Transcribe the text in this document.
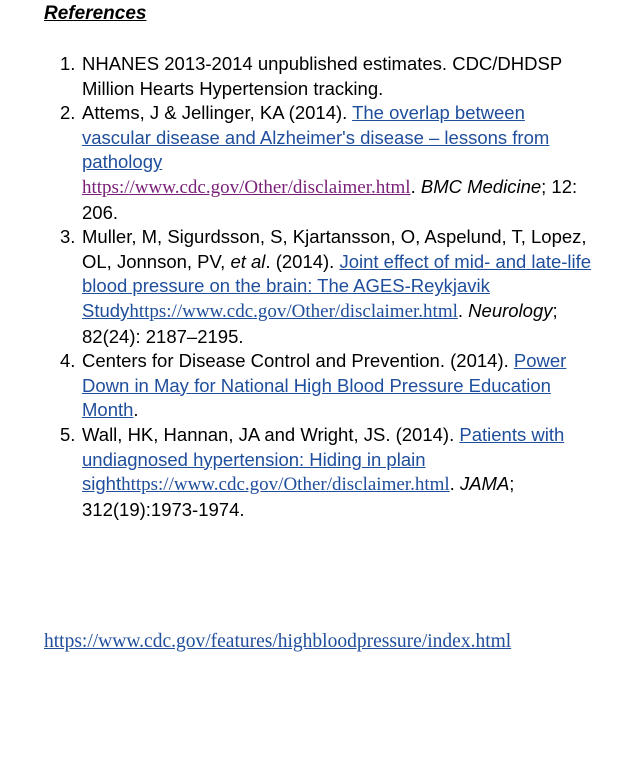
References
1. NHANES 2013-2014 unpublished estimates. CDC/DHDSP Million Hearts Hypertension tracking.
2. Attems, J & Jellinger, KA (2014). The overlap between vascular disease and Alzheimer's disease – lessons from pathology
https://www.cdc.gov/Other/disclaimer.html. BMC Medicine; 12: 206.
3. Muller, M, Sigurdsson, S, Kjartansson, O, Aspelund, T, Lopez, OL, Jonnson, PV, et al. (2014). Joint effect of mid- and late-life blood pressure on the brain: The AGES-Reykjavik Studyhttps://www.cdc.gov/Other/disclaimer.html. Neurology; 82(24): 2187–2195.
4. Centers for Disease Control and Prevention. (2014). Power Down in May for National High Blood Pressure Education Month.
5. Wall, HK, Hannan, JA and Wright, JS. (2014). Patients with undiagnosed hypertension: Hiding in plain sighthttps://www.cdc.gov/Other/disclaimer.html. JAMA; 312(19):1973-1974.
https://www.cdc.gov/features/highbloodpressure/index.html
